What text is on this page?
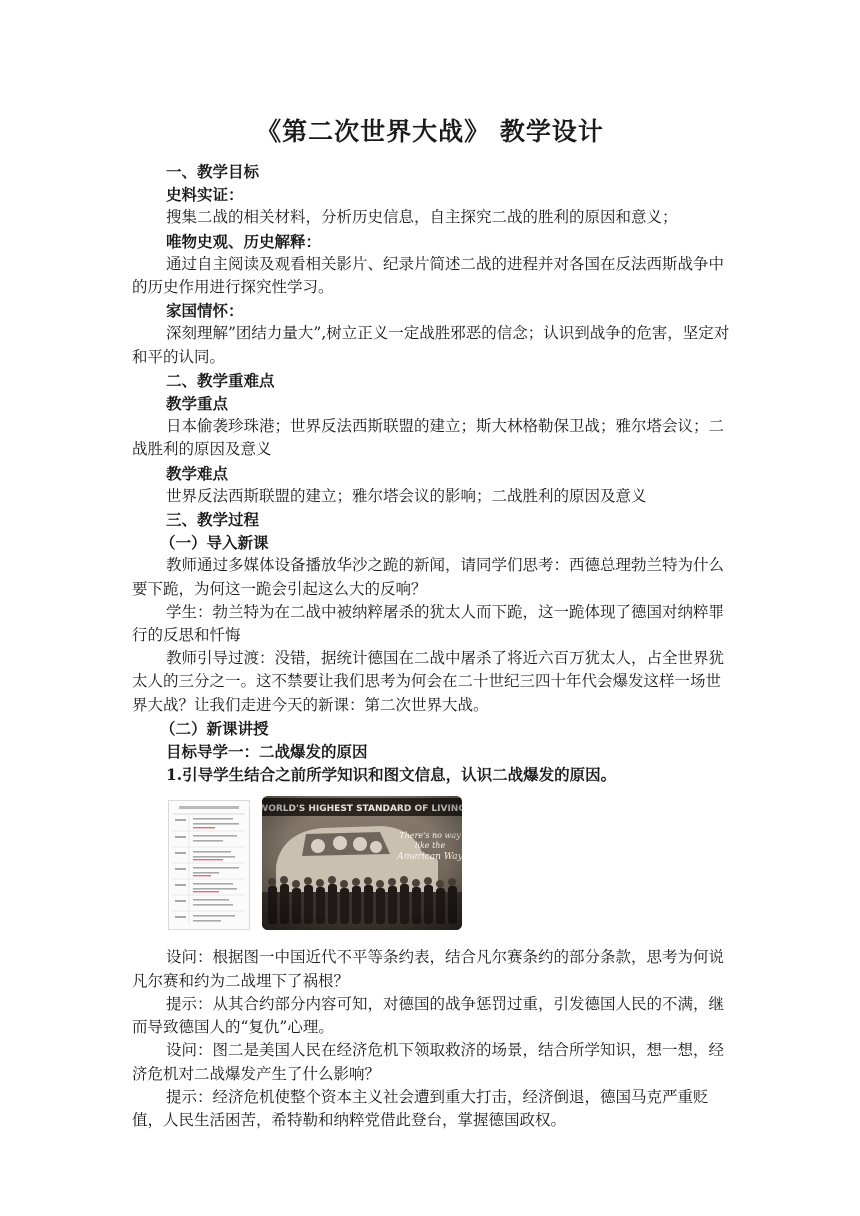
《第二次世界大战》 教学设计

一、教学目标

史料实证：

搜集二战的相关材料，分析历史信息，自主探究二战的胜利的原因和意义；

唯物史观、历史解释：

通过自主阅读及观看相关影片、纪录片简述二战的进程并对各国在反法西斯战争中的历史作用进行探究性学习。

家国情怀：

深刻理解”团结力量大”,树立正义一定战胜邪恶的信念；认识到战争的危害，坚定对和平的认同。

二、教学重难点

教学重点

日本偷袭珍珠港；世界反法西斯联盟的建立；斯大林格勒保卫战；雅尔塔会议；二战胜利的原因及意义

教学难点

世界反法西斯联盟的建立；雅尔塔会议的影响；二战胜利的原因及意义

三、教学过程

（一）导入新课

教师通过多媒体设备播放华沙之跪的新闻，请同学们思考：西德总理勃兰特为什么要下跪，为何这一跪会引起这么大的反响？

学生：勃兰特为在二战中被纳粹屠杀的犹太人而下跪，这一跪体现了德国对纳粹罪行的反思和忏悔

教师引导过渡：没错，据统计德国在二战中屠杀了将近六百万犹太人，占全世界犹太人的三分之一。这不禁要让我们思考为何会在二十世纪三四十年代会爆发这样一场世界大战？让我们走进今天的新课：第二次世界大战。

（二）新课讲授

目标导学一：二战爆发的原因

1.引导学生结合之前所学知识和图文信息，认识二战爆发的原因。

设问：根据图一中国近代不平等条约表，结合凡尔赛条约的部分条款，思考为何说凡尔赛和约为二战埋下了祸根？

提示：从其合约部分内容可知，对德国的战争惩罚过重，引发德国人民的不满，继而导致德国人的“复仇”心理。

设问：图二是美国人民在经济危机下领取救济的场景，结合所学知识，想一想，经济危机对二战爆发产生了什么影响？

提示：经济危机使整个资本主义社会遭到重大打击，经济倒退，德国马克严重贬值，人民生活困苦，希特勒和纳粹党借此登台，掌握德国政权。
